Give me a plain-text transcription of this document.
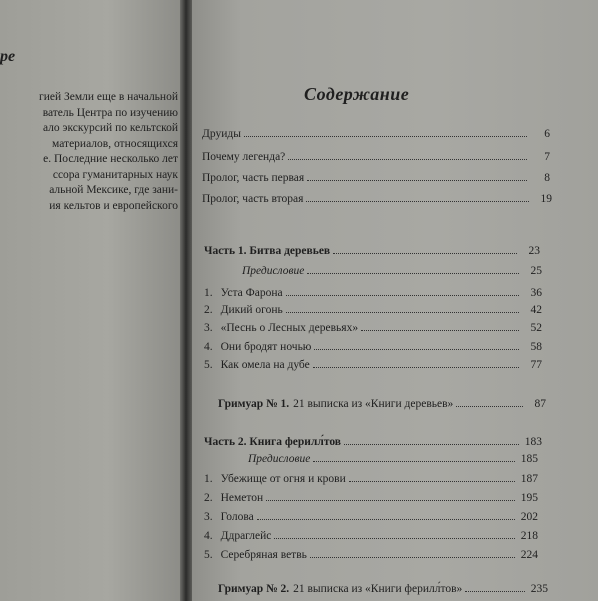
ре
гией Земли еще в начальной
ватель Центра по изучению
ало экскурсий по кельтской
материалов, относящихся
е. Последние несколько лет
ссора гуманитарных наук
альной Мексике, где зани-
ия кельтов и европейского
Содержание
Друиды	6
Почему легенда?	7
Пролог, часть первая	8
Пролог, часть вторая	19
Часть 1. Битва деревьев	23
Предисловие	25
1. Уста Фарона	36
2. Дикий огонь	42
3. «Песнь о Лесных деревьях»	52
4. Они бродят ночью	58
5. Как омела на дубе	77
Гримуар № 1. 21 выписка из «Книги деревьев»	87
Часть 2. Книга ферилл́тов	183
Предисловие	185
1. Убежище от огня и крови	187
2. Неметон	195
3. Голова	202
4. Ддраглейс	218
5. Серебряная ветвь	224
Гримуар № 2. 21 выписка из «Книги ферилл́тов»	235
